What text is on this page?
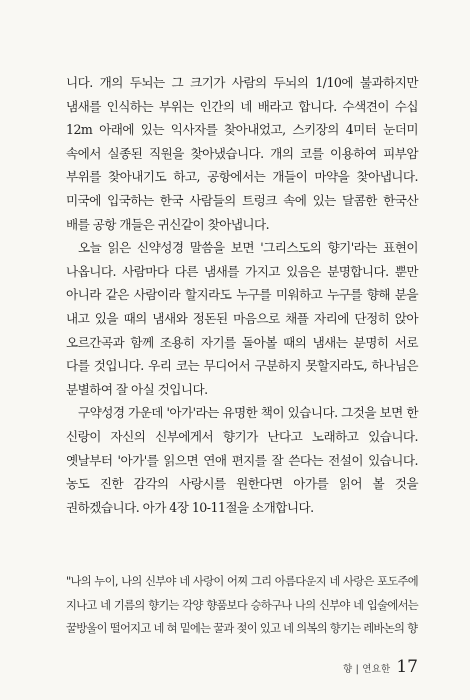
니다. 개의 두뇌는 그 크기가 사람의 두뇌의 1/10에 불과하지만 냄새를 인식하는 부위는 인간의 네 배라고 합니다. 수색견이 수십 12m 아래에 있는 익사자를 찾아내었고, 스키장의 4미터 눈더미 속에서 실종된 직원을 찾아냈습니다. 개의 코를 이용하여 피부암 부위를 찾아내기도 하고, 공항에서는 개들이 마약을 찾아냅니다. 미국에 입국하는 한국 사람들의 트렁크 속에 있는 달콤한 한국산 배를 공항 개들은 귀신같이 찾아냅니다.

오늘 읽은 신약성경 말씀을 보면 '그리스도의 향기'라는 표현이 나옵니다. 사람마다 다른 냄새를 가지고 있음은 분명합니다. 뿐만 아니라 같은 사람이라 할지라도 누구를 미워하고 누구를 향해 분을 내고 있을 때의 냄새와 정돈된 마음으로 채플 자리에 단정히 앉아 오르간곡과 함께 조용히 자기를 돌아볼 때의 냄새는 분명히 서로 다를 것입니다. 우리 코는 무디어서 구분하지 못할지라도, 하나님은 분별하여 잘 아실 것입니다.

구약성경 가운데 '아가'라는 유명한 책이 있습니다. 그것을 보면 한 신랑이 자신의 신부에게서 향기가 난다고 노래하고 있습니다. 옛날부터 '아가'를 읽으면 연애 편지를 잘 쓴다는 전설이 있습니다. 농도 진한 감각의 사랑시를 원한다면 아가를 읽어 볼 것을 권하겠습니다. 아가 4장 10-11절을 소개합니다.

"나의 누이, 나의 신부야 네 사랑이 어찌 그리 아름다운지 네 사랑은 포도주에 지나고 네 기름의 향기는 각양 향품보다 승하구나 나의 신부야 네 입술에서는 꿀방울이 떨어지고 네 혀 밑에는 꿀과 젖이 있고 네 의복의 향기는 레바논의 향

향 | 연요한 17
